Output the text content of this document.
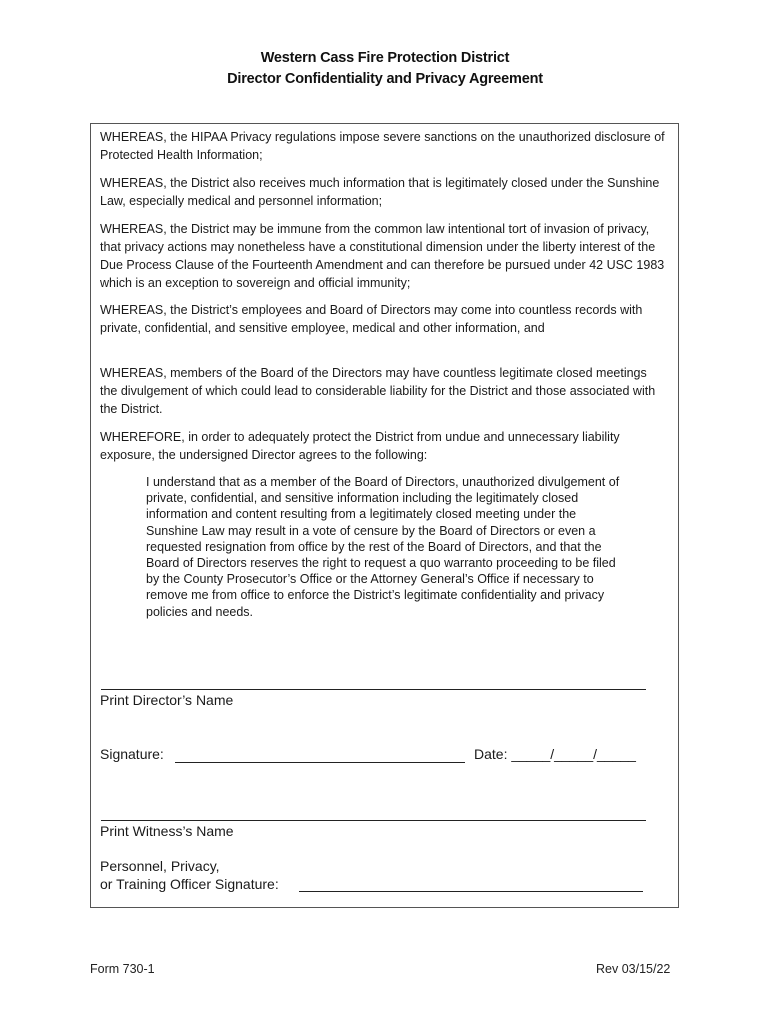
Western Cass Fire Protection District
Director Confidentiality and Privacy Agreement
WHEREAS, the HIPAA Privacy regulations impose severe sanctions on the unauthorized disclosure of Protected Health Information;
WHEREAS, the District also receives much information that is legitimately closed under the Sunshine Law, especially medical and personnel information;
WHEREAS, the District may be immune from the common law intentional tort of invasion of privacy, that privacy actions may nonetheless have a constitutional dimension under the liberty interest of the Due Process Clause of the Fourteenth Amendment and can therefore be pursued under 42 USC 1983 which is an exception to sovereign and official immunity;
WHEREAS, the District’s employees and Board of Directors may come into countless records with private, confidential, and sensitive employee, medical and other information, and
WHEREAS, members of the Board of the Directors may have countless legitimate closed meetings the divulgement of which could lead to considerable liability for the District and those associated with the District.
WHEREFORE, in order to adequately protect the District from undue and unnecessary liability exposure, the undersigned Director agrees to the following:
I understand that as a member of the Board of Directors, unauthorized divulgement of private, confidential, and sensitive information including the legitimately closed information and content resulting from a legitimately closed meeting under the Sunshine Law may result in a vote of censure by the Board of Directors or even a requested resignation from office by the rest of the Board of Directors, and that the Board of Directors reserves the right to request a quo warranto proceeding to be filed by the County Prosecutor’s Office or the Attorney General’s Office if necessary to remove me from office to enforce the District’s legitimate confidentiality and privacy policies and needs.
Print Director’s Name
Signature:	Date: _____/_____/_____
Print Witness’s Name
Personnel, Privacy,
or Training Officer Signature:
Form 730-1	Rev 03/15/22
